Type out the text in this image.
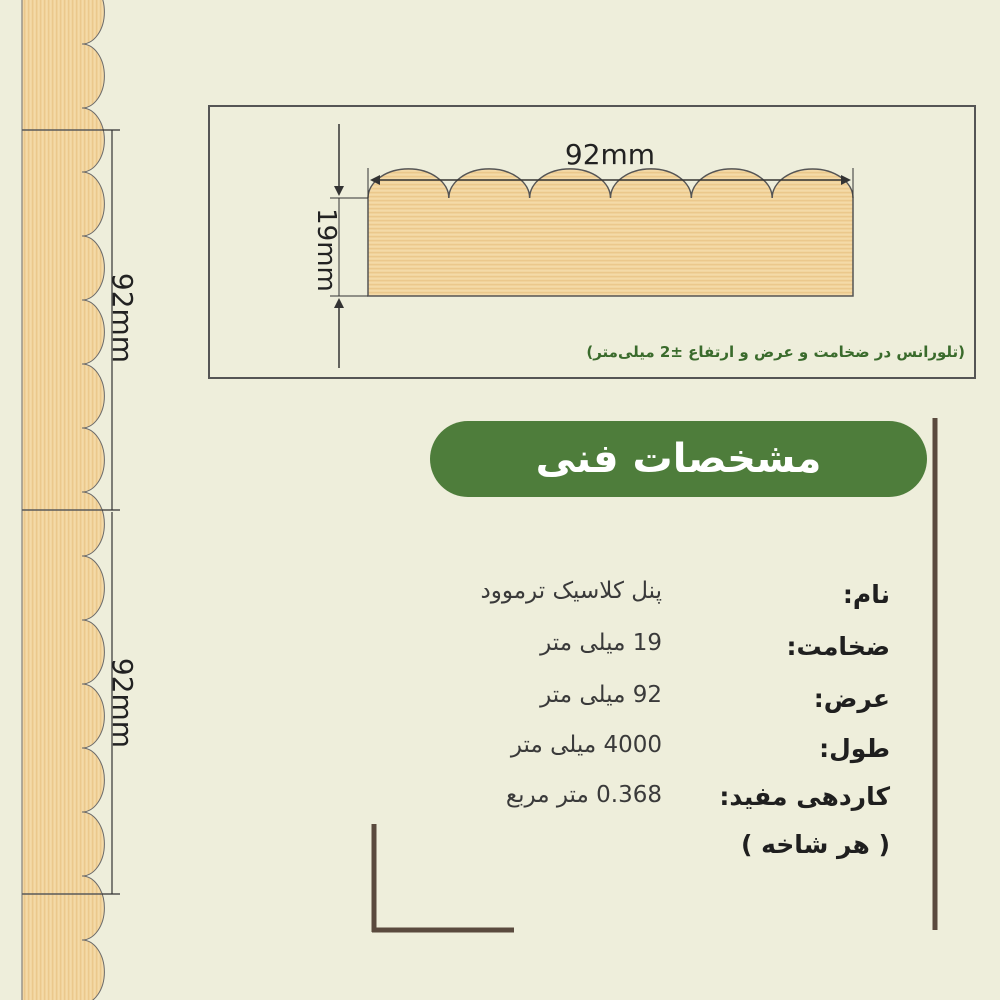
92mm
92mm
92mm
19mm
(تلورانس در ضخامت و عرض و ارتفاع ±2 میلی‌متر)
مشخصات فنی
نام:
پنل کلاسیک ترموود
ضخامت:
19 میلی متر
عرض:
92 میلی متر
طول:
4000 میلی متر
کاردهی مفید:
0.368 متر مربع
( هر شاخه )
